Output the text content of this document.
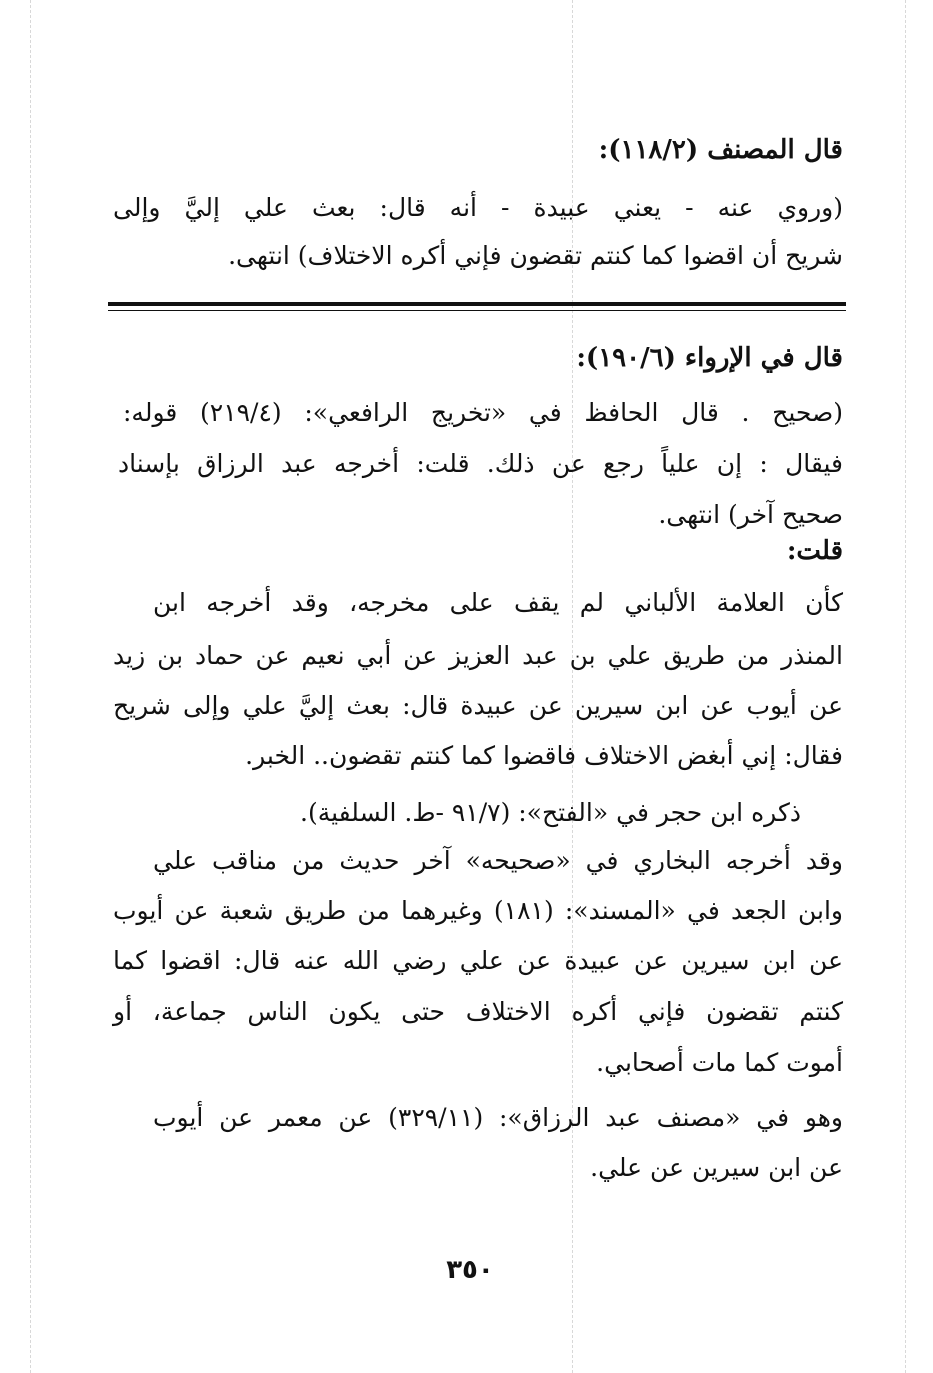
قال المصنف (١١٨/٢):
(وروي عنه - يعني عبيدة - أنه قال: بعث علي إليَّ وإلى
شريح أن اقضوا كما كنتم تقضون فإني أكره الاختلاف) انتهى.
قال في الإرواء (١٩٠/٦):
(صحيح . قال الحافظ في «تخريج الرافعي»: (٢١٩/٤) قوله:
فيقال : إن علياً رجع عن ذلك. قلت: أخرجه عبد الرزاق بإسناد
صحيح آخر) انتهى.
قلت:
كأن العلامة الألباني لم يقف على مخرجه، وقد أخرجه ابن
المنذر من طريق علي بن عبد العزيز عن أبي نعيم عن حماد بن زيد
عن أيوب عن ابن سيرين عن عبيدة قال: بعث إليَّ علي وإلى شريح
فقال: إني أبغض الاختلاف فاقضوا كما كنتم تقضون.. الخبر.
ذكره ابن حجر في «الفتح»: (٩١/٧ -ط. السلفية).
وقد أخرجه البخاري في «صحيحه» آخر حديث من مناقب علي
وابن الجعد في «المسند»: (١٨١) وغيرهما من طريق شعبة عن أيوب
عن ابن سيرين عن عبيدة عن علي رضي الله عنه قال: اقضوا كما
كنتم تقضون فإني أكره الاختلاف حتى يكون الناس جماعة، أو
أموت كما مات أصحابي.
وهو في «مصنف عبد الرزاق»: (٣٢٩/١١) عن معمر عن أيوب
عن ابن سيرين عن علي.
٣٥٠
